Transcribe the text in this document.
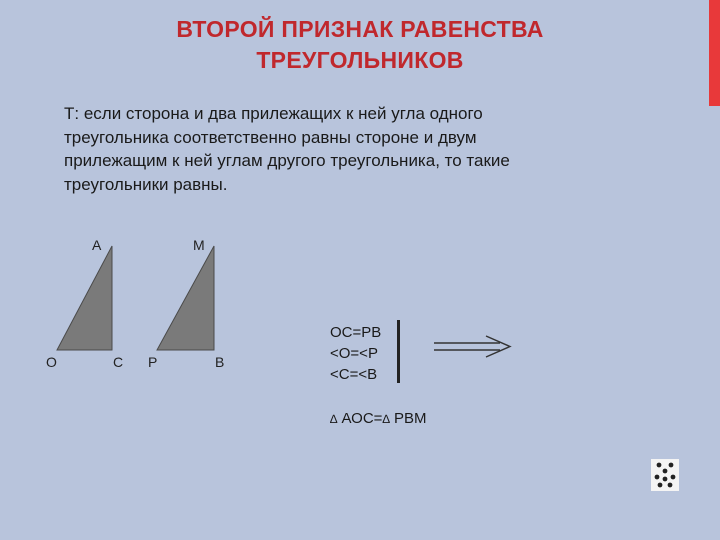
ВТОРОЙ ПРИЗНАК РАВЕНСТВА
ТРЕУГОЛЬНИКОВ
Т: если сторона и два прилежащих к ней угла одного
треугольника соответственно равны стороне и двум
прилежащим к ней углам другого треугольника, то такие
треугольники равны.
A
O	C
M
P	B
OC=PB
<O=<P
<C=<B
∆ АОС=∆ РВМ
